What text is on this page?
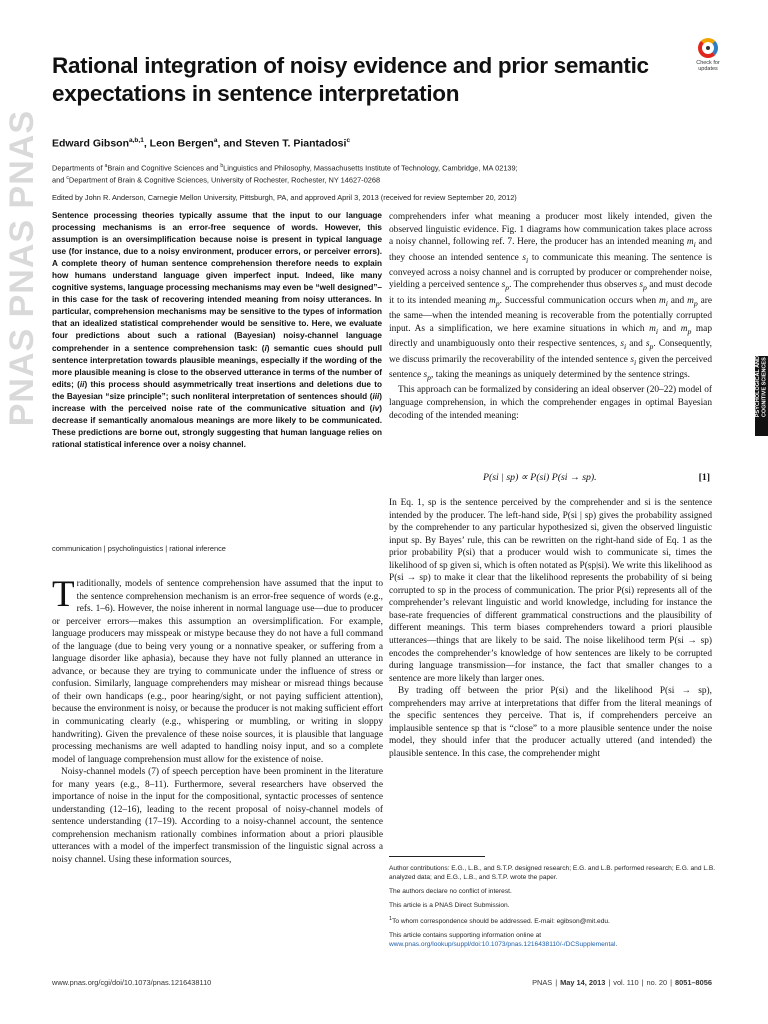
PNAS PNAS PNAS
Check for
updates
PSYCHOLOGICAL AND
COGNITIVE SCIENCES
Rational integration of noisy evidence and prior semantic expectations in sentence interpretation

Edward Gibson$^{a,b,1}$, Leon Bergen$^a$, and Steven T. Piantadosi$^c$

Departments of $^a$Brain and Cognitive Sciences and $^b$Linguistics and Philosophy, Massachusetts Institute of Technology, Cambridge, MA 02139;
and $^c$Department of Brain & Cognitive Sciences, University of Rochester, Rochester, NY 14627-0268
Edited by John R. Anderson, Carnegie Mellon University, Pittsburgh, PA, and approved April 3, 2013 (received for review September 20, 2012)

Sentence processing theories typically assume that the input to our language processing mechanisms is an error-free sequence of words. However, this assumption is an oversimplification because noise is present in typical language use (for instance, due to a noisy environment, producer errors, or perceiver errors). A complete theory of human sentence comprehension therefore needs to explain how humans understand language given imperfect input. Indeed, like many cognitive systems, language processing mechanisms may even be “well designed”–in this case for the task of recovering intended meaning from noisy utterances. In particular, comprehension mechanisms may be sensitive to the types of information that an idealized statistical comprehender would be sensitive to. Here, we evaluate four predictions about such a rational (Bayesian) noisy-channel language comprehender in a sentence comprehension task: (i) semantic cues should pull sentence interpretation towards plausible meanings, especially if the wording of the more plausible meaning is close to the observed utterance in terms of the number of edits; (ii) this process should asymmetrically treat insertions and deletions due to the Bayesian “size principle”; such nonliteral interpretation of sentences should (iii) increase with the perceived noise rate of the communicative situation and (iv) decrease if semantically anomalous meanings are more likely to be communicated. These predictions are borne out, strongly suggesting that human language relies on rational statistical inference over a noisy channel.

communication | psycholinguistics | rational inference

Traditionally, models of sentence comprehension have assumed that the input to the sentence comprehension mechanism is an error-free sequence of words (e.g., refs. 1–6). However, the noise inherent in normal language use—due to producer or perceiver errors—makes this assumption an oversimplification. For example, language producers may misspeak or mistype because they do not have a full command of the language (due to being very young or a nonnative speaker, or suffering from a language disorder like aphasia), because they have not fully planned an utterance in advance, or because they are trying to communicate under the influence of stress or confusion. Similarly, language comprehenders may mishear or misread things because of their own handicaps (e.g., poor hearing/sight, or not paying sufficient attention), because the environment is noisy, or because the producer is not making sufficient effort in communicating clearly (e.g., whispering or mumbling, or writing in sloppy handwriting). Given the prevalence of these noise sources, it is plausible that language processing mechanisms are well adapted to handling noisy input, and so a complete model of language comprehension must allow for the existence of noise.

Noisy-channel models (7) of speech perception have been prominent in the literature for many years (e.g., 8–11). Furthermore, several researchers have observed the importance of noise in the input for the compositional, syntactic processes of sentence understanding (12–16), leading to the recent proposal of noisy-channel models of sentence understanding (17–19). According to a noisy-channel account, the sentence comprehension mechanism rationally combines information about a priori plausible utterances with a model of the imperfect transmission of the linguistic signal across a noisy channel. Using these information sources,

comprehenders infer what meaning a producer most likely intended, given the observed linguistic evidence. Fig. 1 diagrams how communication takes place across a noisy channel, following ref. 7. Here, the producer has an intended meaning $m_i$ and they choose an intended sentence $s_i$ to communicate this meaning. The sentence is conveyed across a noisy channel and is corrupted by producer or comprehender noise, yielding a perceived sentence $s_p$. The comprehender thus observes $s_p$ and must decode it to its intended meaning $m_p$. Successful communication occurs when $m_i$ and $m_p$ are the same—when the intended meaning is recoverable from the potentially corrupted input. As a simplification, we here examine situations in which $m_i$ and $m_p$ map directly and unambiguously onto their respective sentences, $s_i$ and $s_p$. Consequently, we discuss primarily the recoverability of the intended sentence $s_i$ given the perceived sentence $s_p$, taking the meanings as uniquely determined by the sentence strings.

This approach can be formalized by considering an ideal observer (20–22) model of language comprehension, in which the comprehender engages in optimal Bayesian decoding of the intended meaning:

P(si | sp) ∝ P(si) P(si → sp).	[1]

In Eq. 1, sp is the sentence perceived by the comprehender and si is the sentence intended by the producer. The left-hand side, P(si | sp) gives the probability assigned by the comprehender to any particular hypothesized si, given the observed linguistic input sp. By Bayes’ rule, this can be rewritten on the right-hand side of Eq. 1 as the prior probability P(si) that a producer would wish to communicate si, times the likelihood of sp given si, which is often notated as P(sp|si). We write this likelihood as P(si → sp) to make it clear that the likelihood represents the probability of si being corrupted to sp in the process of communication. The prior P(si) represents all of the comprehender’s relevant linguistic and world knowledge, including for instance the base-rate frequencies of different grammatical constructions and the plausibility of different meanings. This term biases comprehenders toward a priori plausible utterances—things that are likely to be said. The noise likelihood term P(si → sp) encodes the comprehender’s knowledge of how sentences are likely to be corrupted during language transmission—for instance, the fact that smaller changes to a sentence are more likely than larger ones.

By trading off between the prior P(si) and the likelihood P(si → sp), comprehenders may arrive at interpretations that differ from the literal meanings of the specific sentences they perceive. That is, if comprehenders perceive an implausible sentence sp that is “close” to a more plausible sentence under the noise model, they should infer that the producer actually uttered (and intended) the plausible sentence. In this case, the comprehender might

Author contributions: E.G., L.B., and S.T.P. designed research; E.G. and L.B. performed research; E.G. and L.B. analyzed data; and E.G., L.B., and S.T.P. wrote the paper.

The authors declare no conflict of interest.

This article is a PNAS Direct Submission.

$^1$To whom correspondence should be addressed. E-mail: egibson@mit.edu.

This article contains supporting information online at www.pnas.org/lookup/suppl/doi:10.1073/pnas.1216438110/-/DCSupplemental.

www.pnas.org/cgi/doi/10.1073/pnas.1216438110	PNAS | May 14, 2013 | vol. 110 | no. 20 | 8051–8056
